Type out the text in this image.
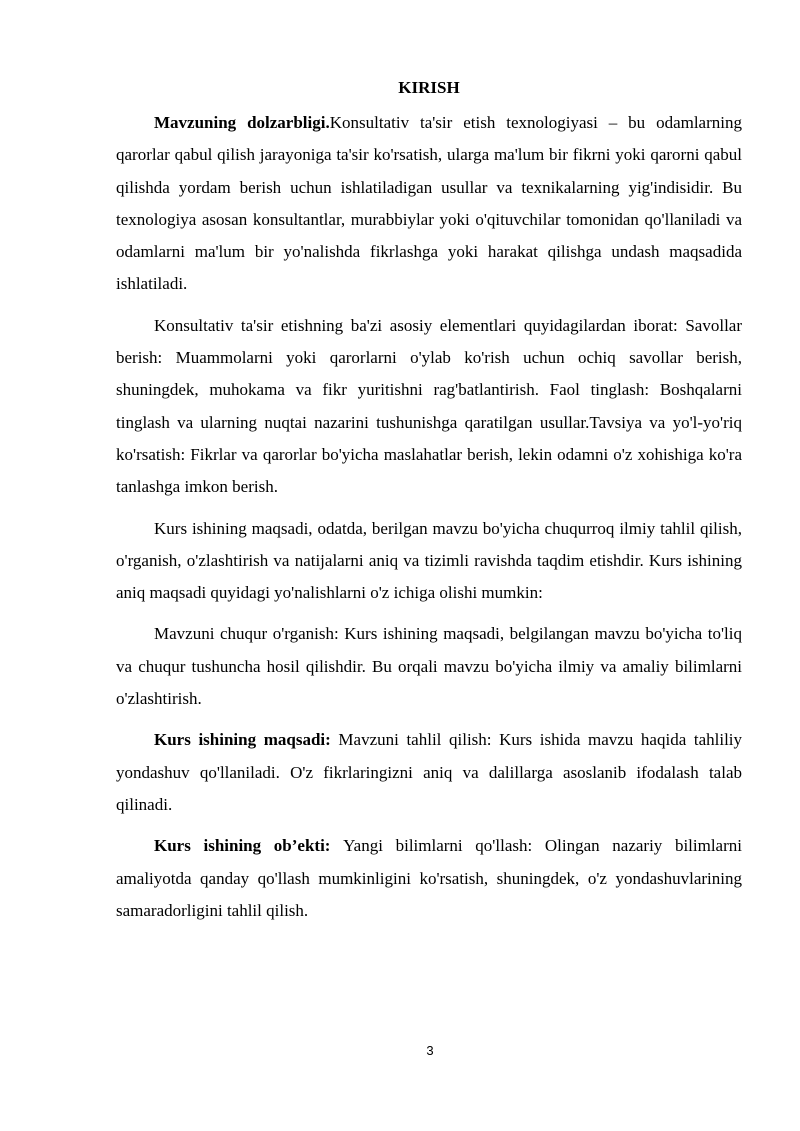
KIRISH

Mavzuning dolzarbligi.Konsultativ ta'sir etish texnologiyasi – bu odamlarning qarorlar qabul qilish jarayoniga ta'sir ko'rsatish, ularga ma'lum bir fikrni yoki qarorni qabul qilishda yordam berish uchun ishlatiladigan usullar va texnikalarning yig'indisidir. Bu texnologiya asosan konsultantlar, murabbiylar yoki o'qituvchilar tomonidan qo'llaniladi va odamlarni ma'lum bir yo'nalishda fikrlashga yoki harakat qilishga undash maqsadida ishlatiladi.

Konsultativ ta'sir etishning ba'zi asosiy elementlari quyidagilardan iborat: Savollar berish: Muammolarni yoki qarorlarni o'ylab ko'rish uchun ochiq savollar berish, shuningdek, muhokama va fikr yuritishni rag'batlantirish. Faol tinglash: Boshqalarni tinglash va ularning nuqtai nazarini tushunishga qaratilgan usullar.Tavsiya va yo'l-yo'riq ko'rsatish: Fikrlar va qarorlar bo'yicha maslahatlar berish, lekin odamni o'z xohishiga ko'ra tanlashga imkon berish.

Kurs ishining maqsadi, odatda, berilgan mavzu bo'yicha chuqurroq ilmiy tahlil qilish, o'rganish, o'zlashtirish va natijalarni aniq va tizimli ravishda taqdim etishdir. Kurs ishining aniq maqsadi quyidagi yo'nalishlarni o'z ichiga olishi mumkin:

Mavzuni chuqur o'rganish: Kurs ishining maqsadi, belgilangan mavzu bo'yicha to'liq va chuqur tushuncha hosil qilishdir. Bu orqali mavzu bo'yicha ilmiy va amaliy bilimlarni o'zlashtirish.

Kurs ishining maqsadi: Mavzuni tahlil qilish: Kurs ishida mavzu haqida tahliliy yondashuv qo'llaniladi. O'z fikrlaringizni aniq va dalillarga asoslanib ifodalash talab qilinadi.

Kurs ishining ob’ekti: Yangi bilimlarni qo'llash: Olingan nazariy bilimlarni amaliyotda qanday qo'llash mumkinligini ko'rsatish, shuningdek, o'z yondashuvlarining samaradorligini tahlil qilish.

3
